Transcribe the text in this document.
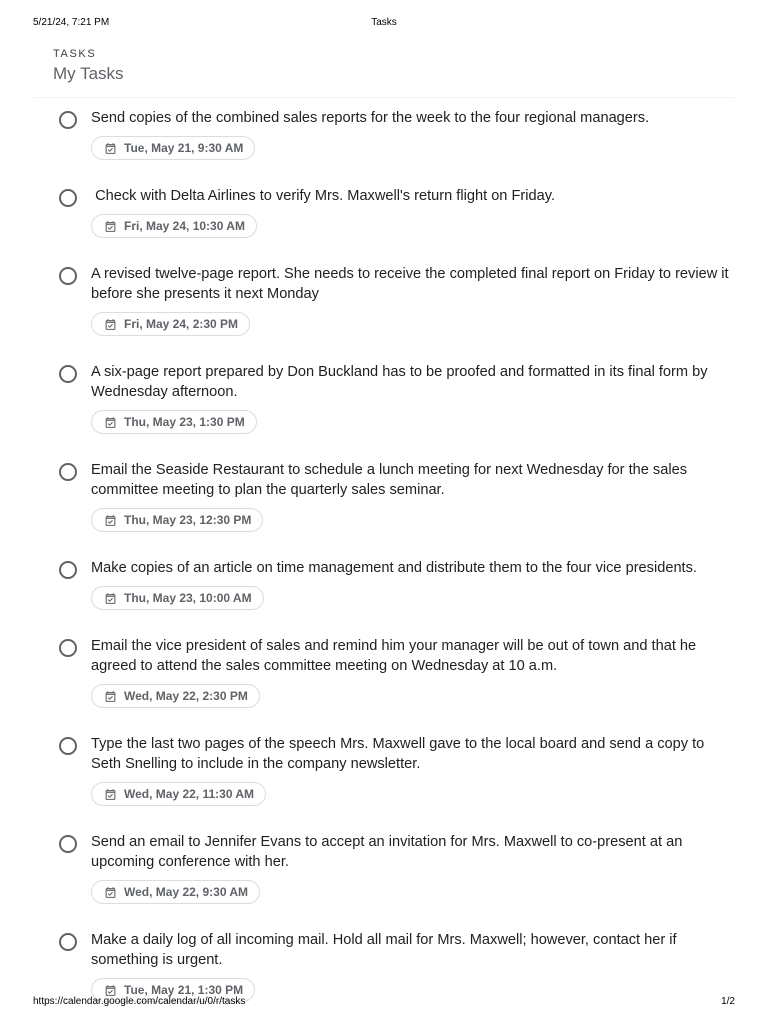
5/21/24, 7:21 PM	Tasks
TASKS
My Tasks
Send copies of the combined sales reports for the week to the four regional managers.
Tue, May 21, 9:30 AM
Check with Delta Airlines to verify Mrs. Maxwell's return flight on Friday.
Fri, May 24, 10:30 AM
A revised twelve-page report. She needs to receive the completed final report on Friday to review it before she presents it next Monday
Fri, May 24, 2:30 PM
A six-page report prepared by Don Buckland has to be proofed and formatted in its final form by Wednesday afternoon.
Thu, May 23, 1:30 PM
Email the Seaside Restaurant to schedule a lunch meeting for next Wednesday for the sales committee meeting to plan the quarterly sales seminar.
Thu, May 23, 12:30 PM
Make copies of an article on time management and distribute them to the four vice presidents.
Thu, May 23, 10:00 AM
Email the vice president of sales and remind him your manager will be out of town and that he agreed to attend the sales committee meeting on Wednesday at 10 a.m.
Wed, May 22, 2:30 PM
Type the last two pages of the speech Mrs. Maxwell gave to the local board and send a copy to Seth Snelling to include in the company newsletter.
Wed, May 22, 11:30 AM
Send an email to Jennifer Evans to accept an invitation for Mrs. Maxwell to co-present at an upcoming conference with her.
Wed, May 22, 9:30 AM
Make a daily log of all incoming mail. Hold all mail for Mrs. Maxwell; however, contact her if something is urgent.
Tue, May 21, 1:30 PM
https://calendar.google.com/calendar/u/0/r/tasks	1/2
